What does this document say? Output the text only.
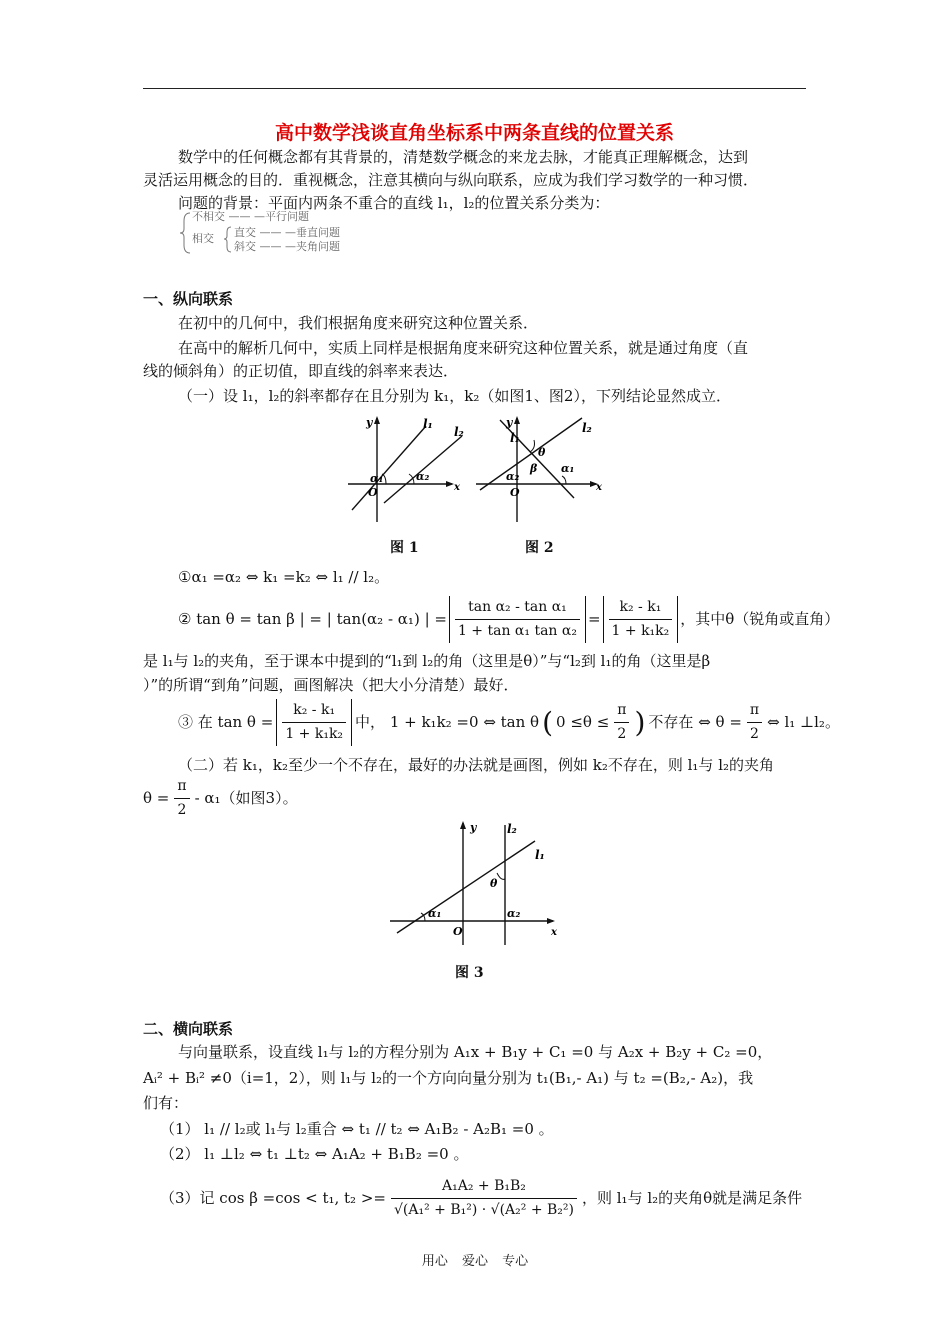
高中数学浅谈直角坐标系中两条直线的位置关系
数学中的任何概念都有其背景的，清楚数学概念的来龙去脉，才能真正理解概念，达到
灵活运用概念的目的．重视概念，注意其横向与纵向联系，应成为我们学习数学的一种习惯．
问题的背景：平面内两条不重合的直线 l₁，l₂的位置关系分类为：
不相交 —— —平行问题
相交 直交 —— —垂直问题
斜交 —— —夹角问题
一、纵向联系
在初中的几何中，我们根据角度来研究这种位置关系．
在高中的解析几何中，实质上同样是根据角度来研究这种位置关系，就是通过角度（直
线的倾斜角）的正切值，即直线的斜率来表达．
（一）设 l₁，l₂的斜率都存在且分别为 k₁，k₂（如图1、图2），下列结论显然成立．
y	l₁
l₂
α₁	α₂
O	x
图 1
y
l₁
l₂
θ
β
α₂
α₁
O	x
图 2
①α₁ =α₂ ⇔ k₁ =k₂ ⇔ l₁ // l₂。
② tan θ = tan β | = | tan(α₂ - α₁) | = $\frac{\text{tan α₂ - tan α₁}}{\text{1 + tan α₁ tan α₂}} = \frac{\text{k₂ - k₁}}{\text{1 + k₁k₂}}$ ，其中θ（锐角或直角）
是 l₁与 l₂的夹角，至于课本中提到的“l₁到 l₂的角（这里是θ）”与“l₂到 l₁的角（这里是β
）”的所谓“到角”问题，画图解决（把大小分清楚）最好．
③ 在 $\tan \theta = \frac{\text{k₂ - k₁}}{\text{1 + k₁k₂}}$ 中， 1 + k₁k₂ =0 ⇔ tan θ ( $0 \le\theta \le \frac{\pi}{2}$ ) 不存在 ⇔ $\theta = \frac{\pi}{2}$ ⇔ l₁ ⊥l₂。
（二）若 k₁，k₂至少一个不存在，最好的办法就是画图，例如 k₂不存在，则 l₁与 l₂的夹角
$\theta = \frac{\pi}{2} - \alpha_1$（如图3）。
y	l₂
l₁
θ
α₁	α₂
O	x
图 3
二、横向联系
与向量联系，设直线 l₁与 l₂的方程分别为 A₁x + B₁y + C₁ =0 与 A₂x + B₂y + C₂ =0，
Aᵢ² + Bᵢ² ≠0（i=1，2），则 l₁与 l₂的一个方向向量分别为 t₁(B₁,- A₁) 与 t₂ =(B₂,- A₂)，我
们有：
（1） l₁ // l₂或 l₁与 l₂重合 ⇔ t₁ // t₂ ⇔ A₁B₂ - A₂B₁ =0 。
（2） l₁ ⊥l₂ ⇔ t₁ ⊥t₂ ⇔ A₁A₂ + B₁B₂ =0 。
（3）记 cos β =cos < t₁, $t_2 >= \frac{\text{A₁A₂ + B₁B₂}}{\text{√(A₁² + B₁²) · √(A₂² + B₂²)}}$ ，则 l₁与 l₂的夹角θ就是满足条件
用心 爱心 专心
